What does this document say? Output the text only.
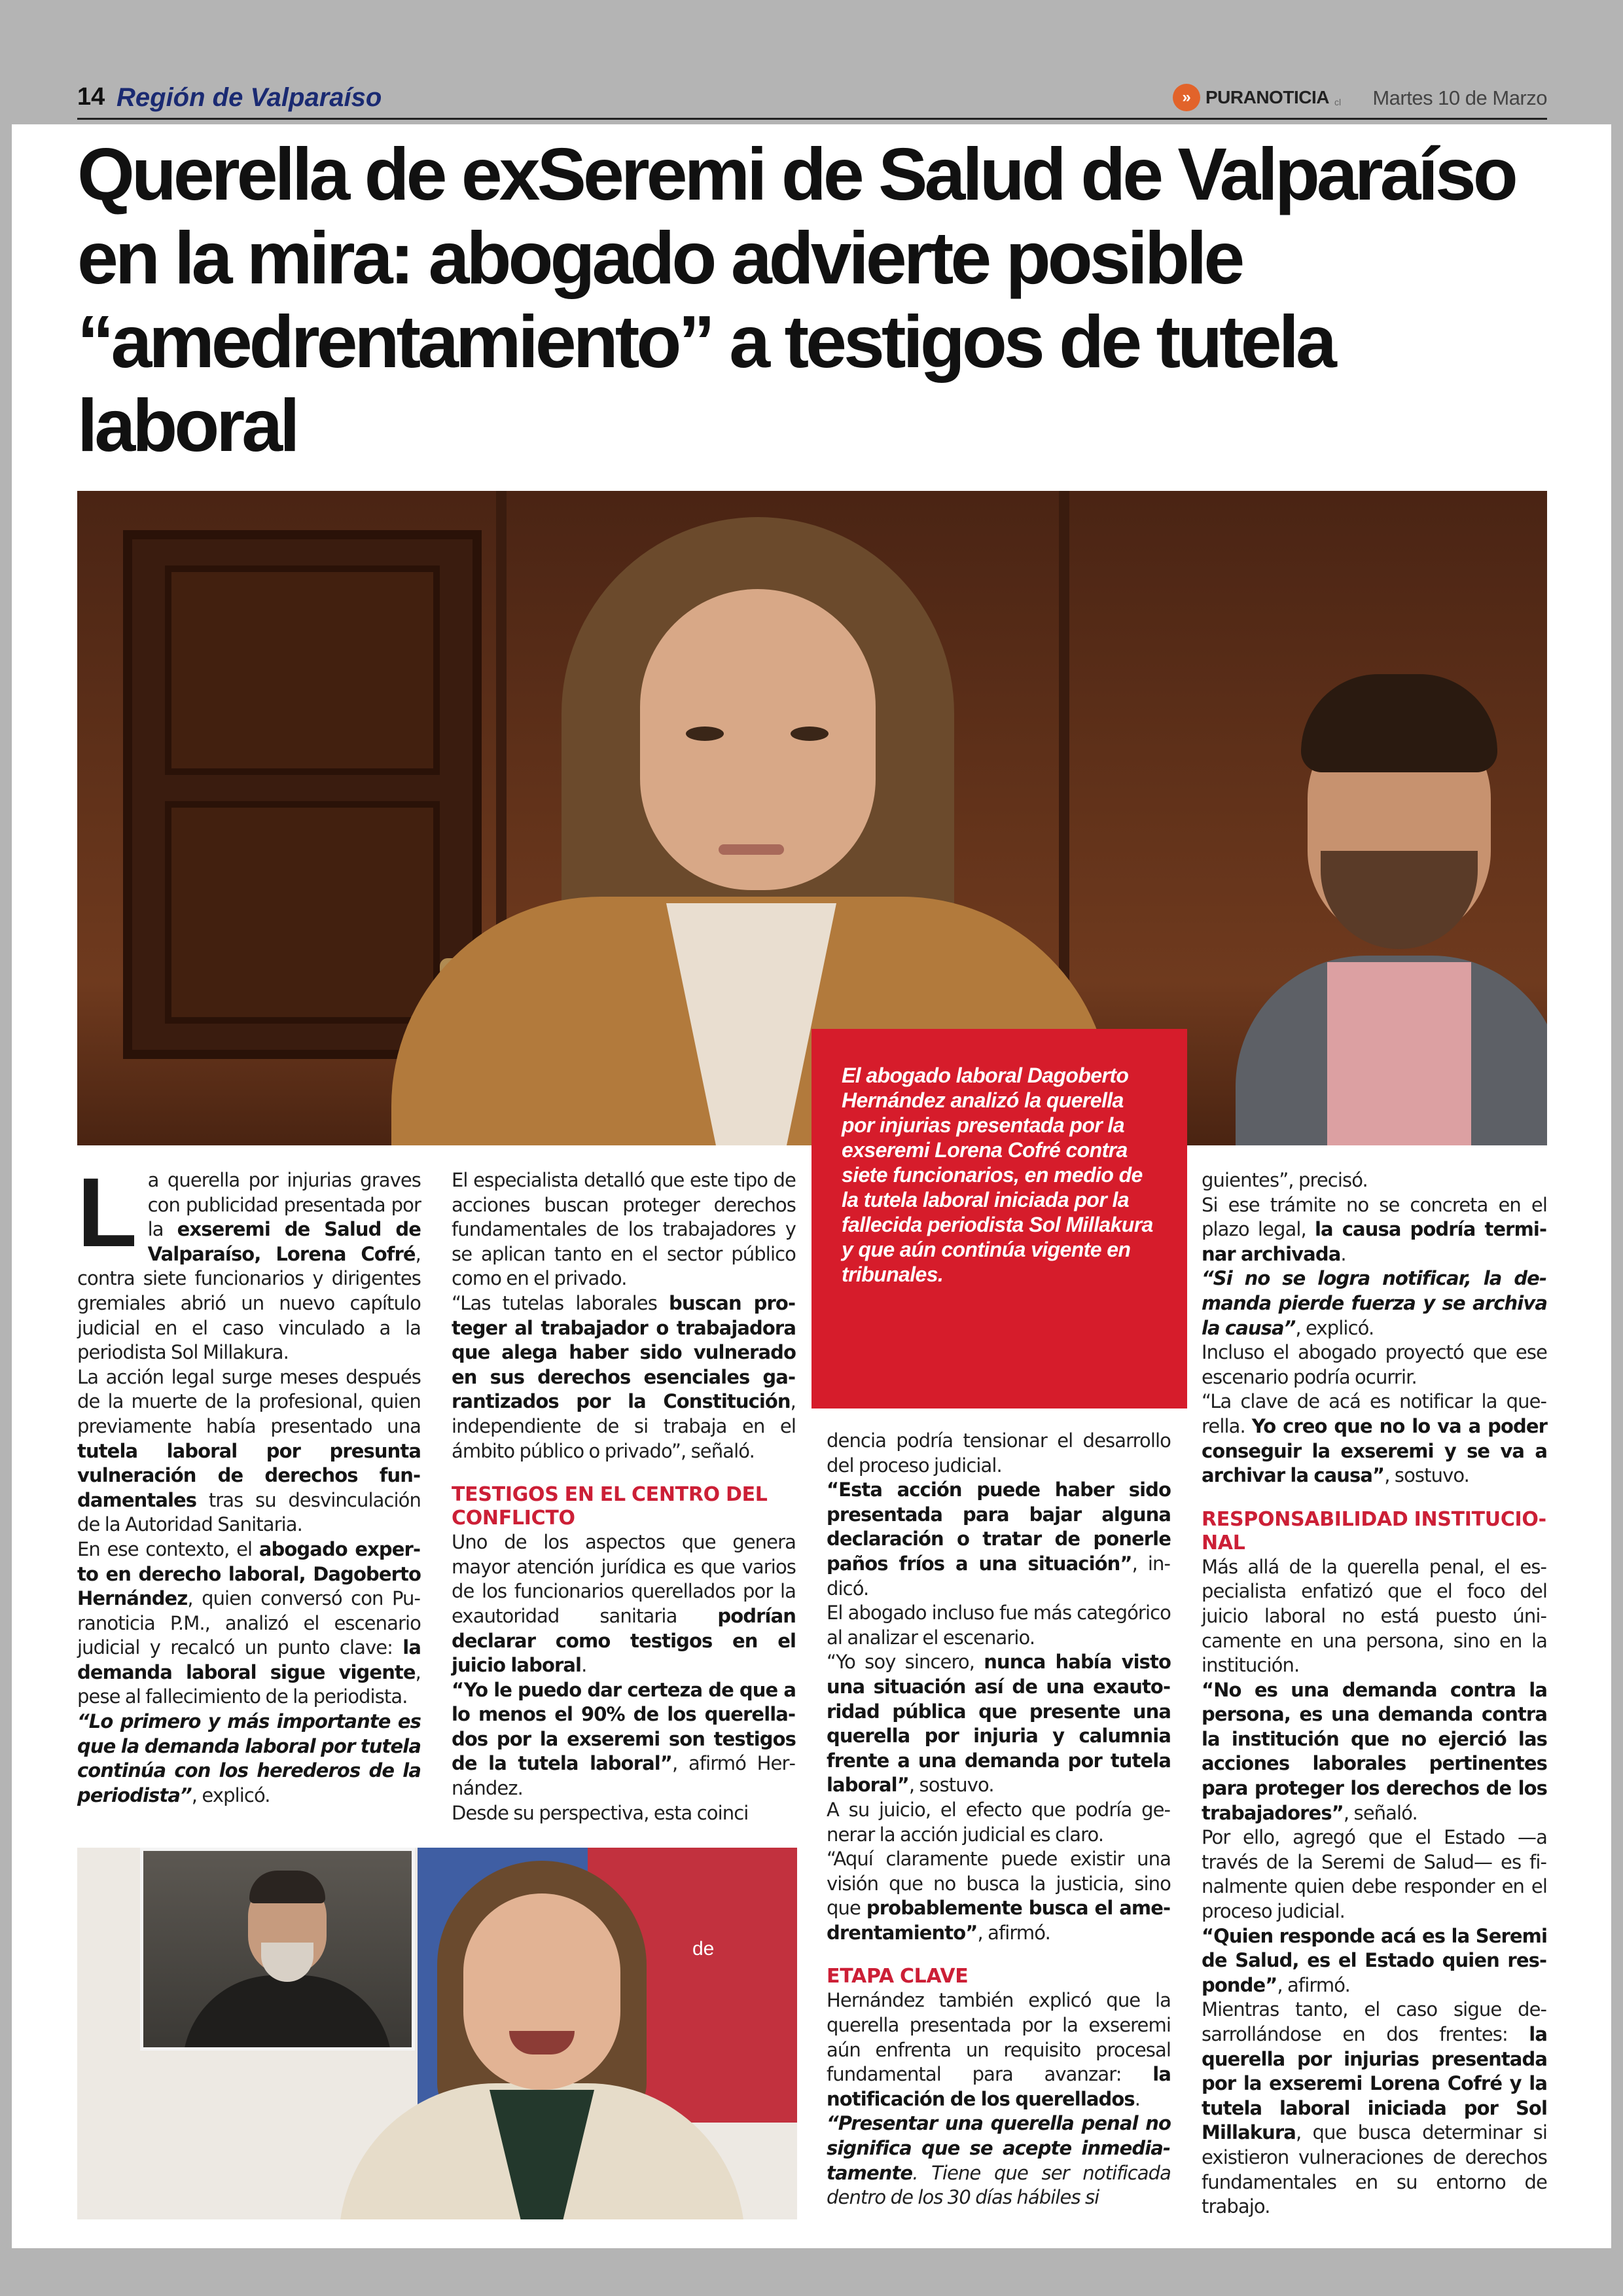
14 Región de Valparaíso	» PURANOTICIA cl Martes 10 de Marzo
Querella de exSeremi de Salud de Valparaíso en la mira: abogado advierte posible “amedrentamiento” a testigos de tutela laboral

El abogado laboral Dagoberto Hernández analizó la querella por injurias presentada por la exseremi Lorena Cofré contra siete funcionarios, en medio de la tutela laboral iniciada por la fallecida periodista Sol Millakura y que aún continúa vigente en tribunales.

L a querella por injurias graves con publicidad presentada por la exseremi de Salud de Valparaíso, Lorena Cofré, contra siete funcionarios y dirigentes gremiales abrió un nuevo capítulo judicial en el caso vinculado a la periodista Sol Millakura.

La acción legal surge meses después de la muerte de la profesional, quien previamente había presentado una tutela laboral por presunta vulneración de derechos fundamentales tras su desvinculación de la Autoridad Sanitaria.

En ese contexto, el abogado experto en derecho laboral, Dagoberto Hernández, quien conversó con Puranoticia P.M., analizó el escenario judicial y recalcó un punto clave: la demanda laboral sigue vigente, pese al fallecimiento de la periodista.

“Lo primero y más importante es que la demanda laboral por tutela continúa con los herederos de la periodista”, explicó.

El especialista detalló que este tipo de acciones buscan proteger derechos fundamentales de los trabajadores y se aplican tanto en el sector público como en el privado.

“Las tutelas laborales buscan proteger al trabajador o trabajadora que alega haber sido vulnerado en sus derechos esenciales garantizados por la Constitución, independiente de si trabaja en el ámbito público o privado”, señaló.

TESTIGOS EN EL CENTRO DEL CONFLICTO

Uno de los aspectos que genera mayor atención jurídica es que varios de los funcionarios querellados por la exautoridad sanitaria podrían declarar como testigos en el juicio laboral.

“Yo le puedo dar certeza de que a lo menos el 90% de los querellados por la exseremi son testigos de la tutela laboral”, afirmó Hernández.

Desde su perspectiva, esta coinci

dencia podría tensionar el desarrollo del proceso judicial.

“Esta acción puede haber sido presentada para bajar alguna declaración o tratar de ponerle paños fríos a una situación”, indicó.

El abogado incluso fue más categórico al analizar el escenario.

“Yo soy sincero, nunca había visto una situación así de una exautoridad pública que presente una querella por injuria y calumnia frente a una demanda por tutela laboral”, sostuvo.

A su juicio, el efecto que podría generar la acción judicial es claro.

“Aquí claramente puede existir una visión que no busca la justicia, sino que probablemente busca el amedrentamiento”, afirmó.

ETAPA CLAVE

Hernández también explicó que la querella presentada por la exseremi aún enfrenta un requisito procesal fundamental para avanzar: la notificación de los querellados.

“Presentar una querella penal no significa que se acepte inmediatamente. Tiene que ser notificada dentro de los 30 días hábiles si

guientes”, precisó.

Si ese trámite no se concreta en el plazo legal, la causa podría terminar archivada.

“Si no se logra notificar, la demanda pierde fuerza y se archiva la causa”, explicó.

Incluso el abogado proyectó que ese escenario podría ocurrir.

“La clave de acá es notificar la querella. Yo creo que no lo va a poder conseguir la exseremi y se va a archivar la causa”, sostuvo.

RESPONSABILIDAD INSTITUCIONAL

Más allá de la querella penal, el especialista enfatizó que el foco del juicio laboral no está puesto únicamente en una persona, sino en la institución.

“No es una demanda contra la persona, es una demanda contra la institución que no ejerció las acciones laborales pertinentes para proteger los derechos de los trabajadores”, señaló.

Por ello, agregó que el Estado —a través de la Seremi de Salud— es finalmente quien debe responder en el proceso judicial.

“Quien responde acá es la Seremi de Salud, es el Estado quien responde”, afirmó.

Mientras tanto, el caso sigue desarrollándose en dos frentes: la querella por injurias presentada por la exseremi Lorena Cofré y la tutela laboral iniciada por Sol Millakura, que busca determinar si existieron vulneraciones de derechos fundamentales en su entorno de trabajo.

de
